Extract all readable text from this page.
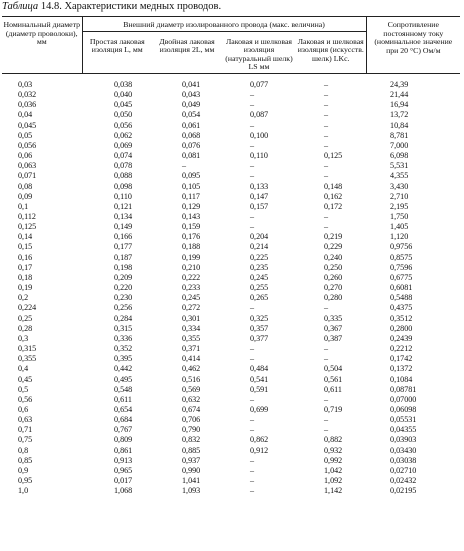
Таблица 14.8. Характеристики медных проводов.
Номинальный диаметр (диаметр проволоки), мм	Внешний диаметр изолированного провода (макс. величина)				Сопротивление постоянному току (номинальное значение при 20 °С) Ом/м
	Простая лаковая изоляция L, мм	Двойная лаковая изоляция 2L, мм	Лаковая и шелковая изоляция (натуральный шелк) LS мм	Лаковая и шелковая изоляция (искусств. шелк) LKc.	
0,03	0,038	0,041	0,077	–	24,39
0,032	0,040	0,043	–	–	21,44
0,036	0,045	0,049	–	–	16,94
0,04	0,050	0,054	0,087	–	13,72
0,045	0,056	0,061	–	–	10,84
0,05	0,062	0,068	0,100	–	8,781
0,056	0,069	0,076	–	–	7,000
0,06	0,074	0,081	0,110	0,125	6,098
0,063	0,078	–	–	–	5,531
0,071	0,088	0,095	–	–	4,355
0,08	0,098	0,105	0,133	0,148	3,430
0,09	0,110	0,117	0,147	0,162	2,710
0,1	0,121	0,129	0,157	0,172	2,195
0,112	0,134	0,143	–	–	1,750
0,125	0,149	0,159	–	–	1,405
0,14	0,166	0,176	0,204	0,219	1,120
0,15	0,177	0,188	0,214	0,229	0,9756
0,16	0,187	0,199	0,225	0,240	0,8575
0,17	0,198	0,210	0,235	0,250	0,7596
0,18	0,209	0,222	0,245	0,260	0,6775
0,19	0,220	0,233	0,255	0,270	0,6081
0,2	0,230	0,245	0,265	0,280	0,5488
0,224	0,256	0,272	–	–	0,4375
0,25	0,284	0,301	0,325	0,335	0,3512
0,28	0,315	0,334	0,357	0,367	0,2800
0,3	0,336	0,355	0,377	0,387	0,2439
0,315	0,352	0,371	–	–	0,2212
0,355	0,395	0,414	–	–	0,1742
0,4	0,442	0,462	0,484	0,504	0,1372
0,45	0,495	0,516	0,541	0,561	0,1084
0,5	0,548	0,569	0,591	0,611	0,08781
0,56	0,611	0,632	–	–	0,07000
0,6	0,654	0,674	0,699	0,719	0,06098
0,63	0,684	0,706	–	–	0,05531
0,71	0,767	0,790	–	–	0,04355
0,75	0,809	0,832	0,862	0,882	0,03903
0,8	0,861	0,885	0,912	0,932	0,03430
0,85	0,913	0,937	–	0,992	0,03038
0,9	0,965	0,990	–	1,042	0,02710
0,95	0,017	1,041	–	1,092	0,02432
1,0	1,068	1,093	–	1,142	0,02195
